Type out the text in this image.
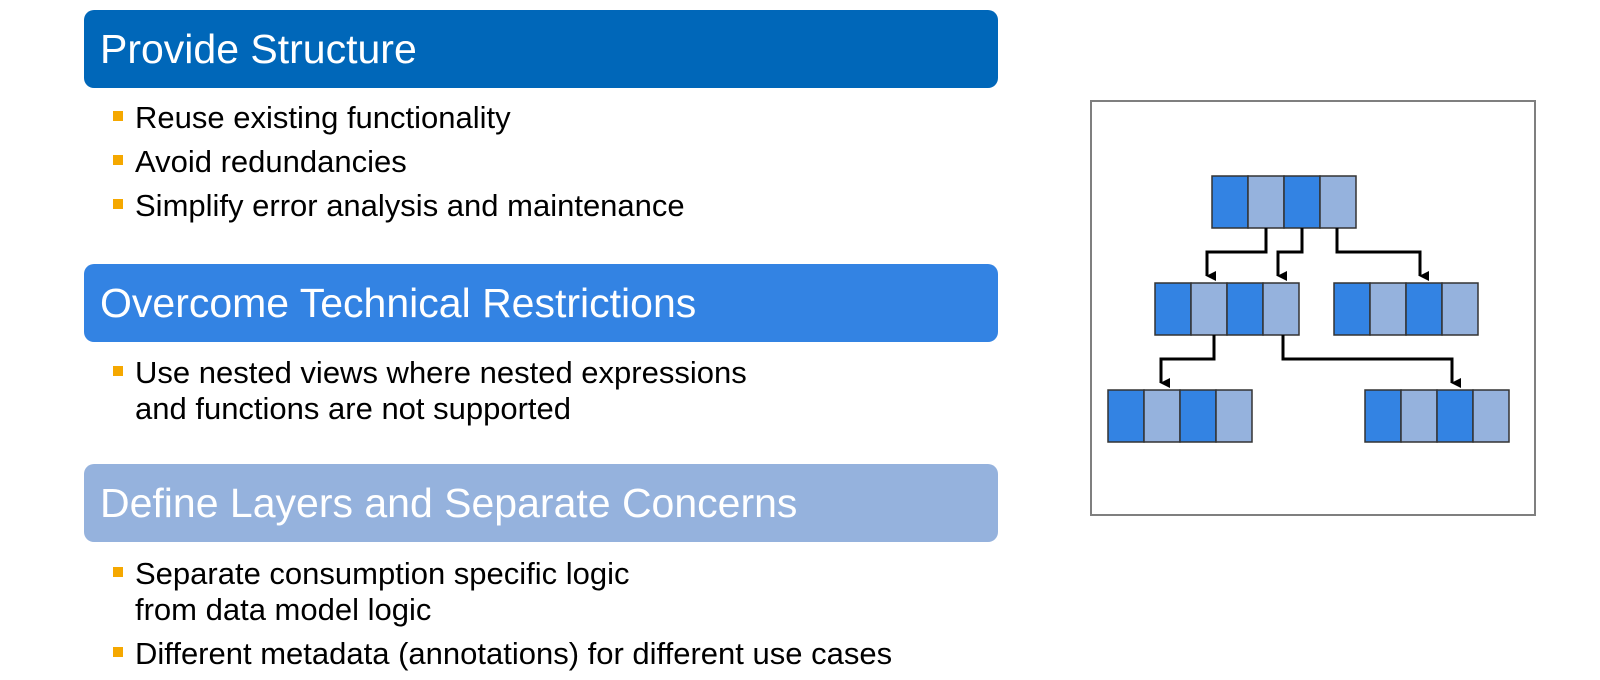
Provide Structure
Reuse existing functionality
Avoid redundancies
Simplify error analysis and maintenance
Overcome Technical Restrictions
Use nested views where nested expressions
and functions are not supported
Define Layers and Separate Concerns
Separate consumption specific logic
from data model logic
Different metadata (annotations) for different use cases
